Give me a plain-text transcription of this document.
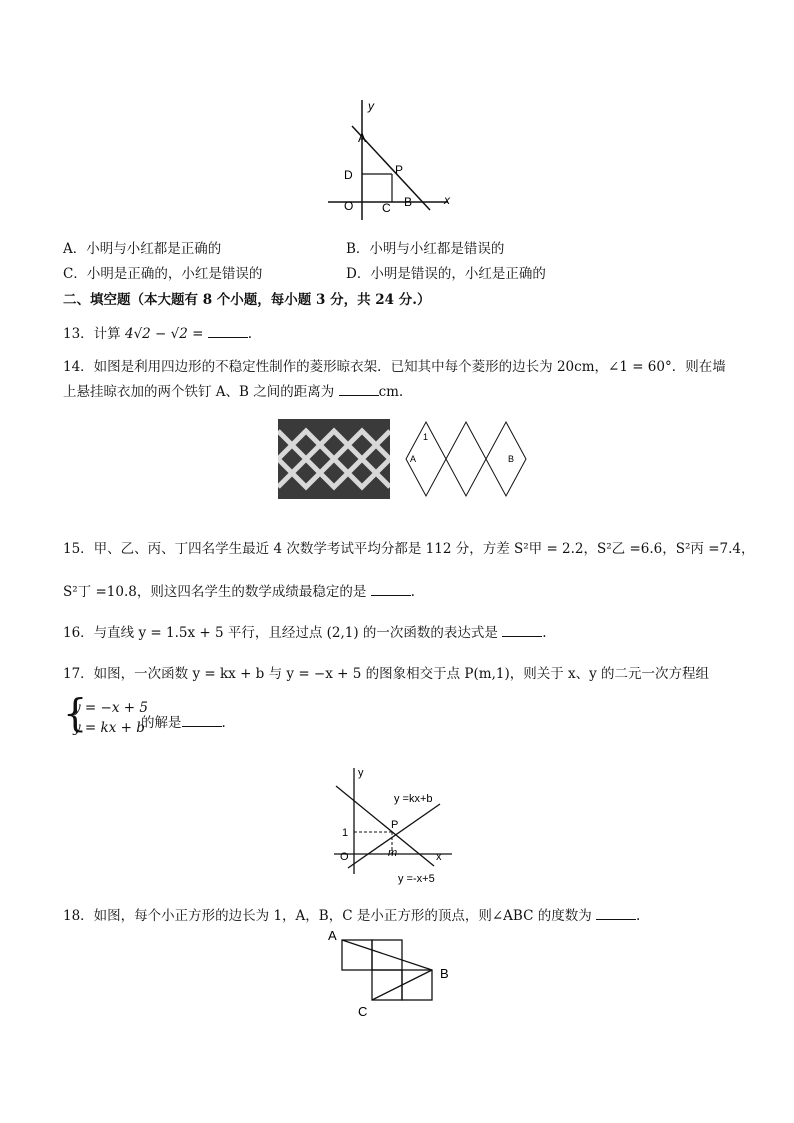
y
x
A
D	P
O C B
A．小明与小红都是正确的	B．小明与小红都是错误的
C．小明是正确的，小红是错误的	D．小明是错误的，小红是正确的
二、填空题（本大题有 8 个小题，每小题 3 分，共 24 分.）
13．计算 4√2 − √2 =	.
14．如图是利用四边形的不稳定性制作的菱形晾衣架．已知其中每个菱形的边长为 20cm，∠1 = 60°．则在墙
上悬挂晾衣加的两个铁钉 A、B 之间的距离为	cm.
1
A	B
15．甲、乙、丙、丁四名学生最近 4 次数学考试平均分都是 112 分，方差 S²甲 = 2.2，S²乙 =6.6，S²丙 =7.4，
S²丁 =10.8，则这四名学生的数学成绩最稳定的是	.
16．与直线 y = 1.5x + 5 平行，且经过点 (2,1) 的一次函数的表达式是	.
17．如图，一次函数 y = kx + b 与 y = −x + 5 的图象相交于点 P(m,1)，则关于 x、y 的二元一次方程组
{
y = −x + 5
y = kx + b
的解是	.
y
x
O
1
m
P
y =kx+b
y =-x+5
18．如图，每个小正方形的边长为 1，A，B，C 是小正方形的顶点，则∠ABC 的度数为	.
A
B
C
